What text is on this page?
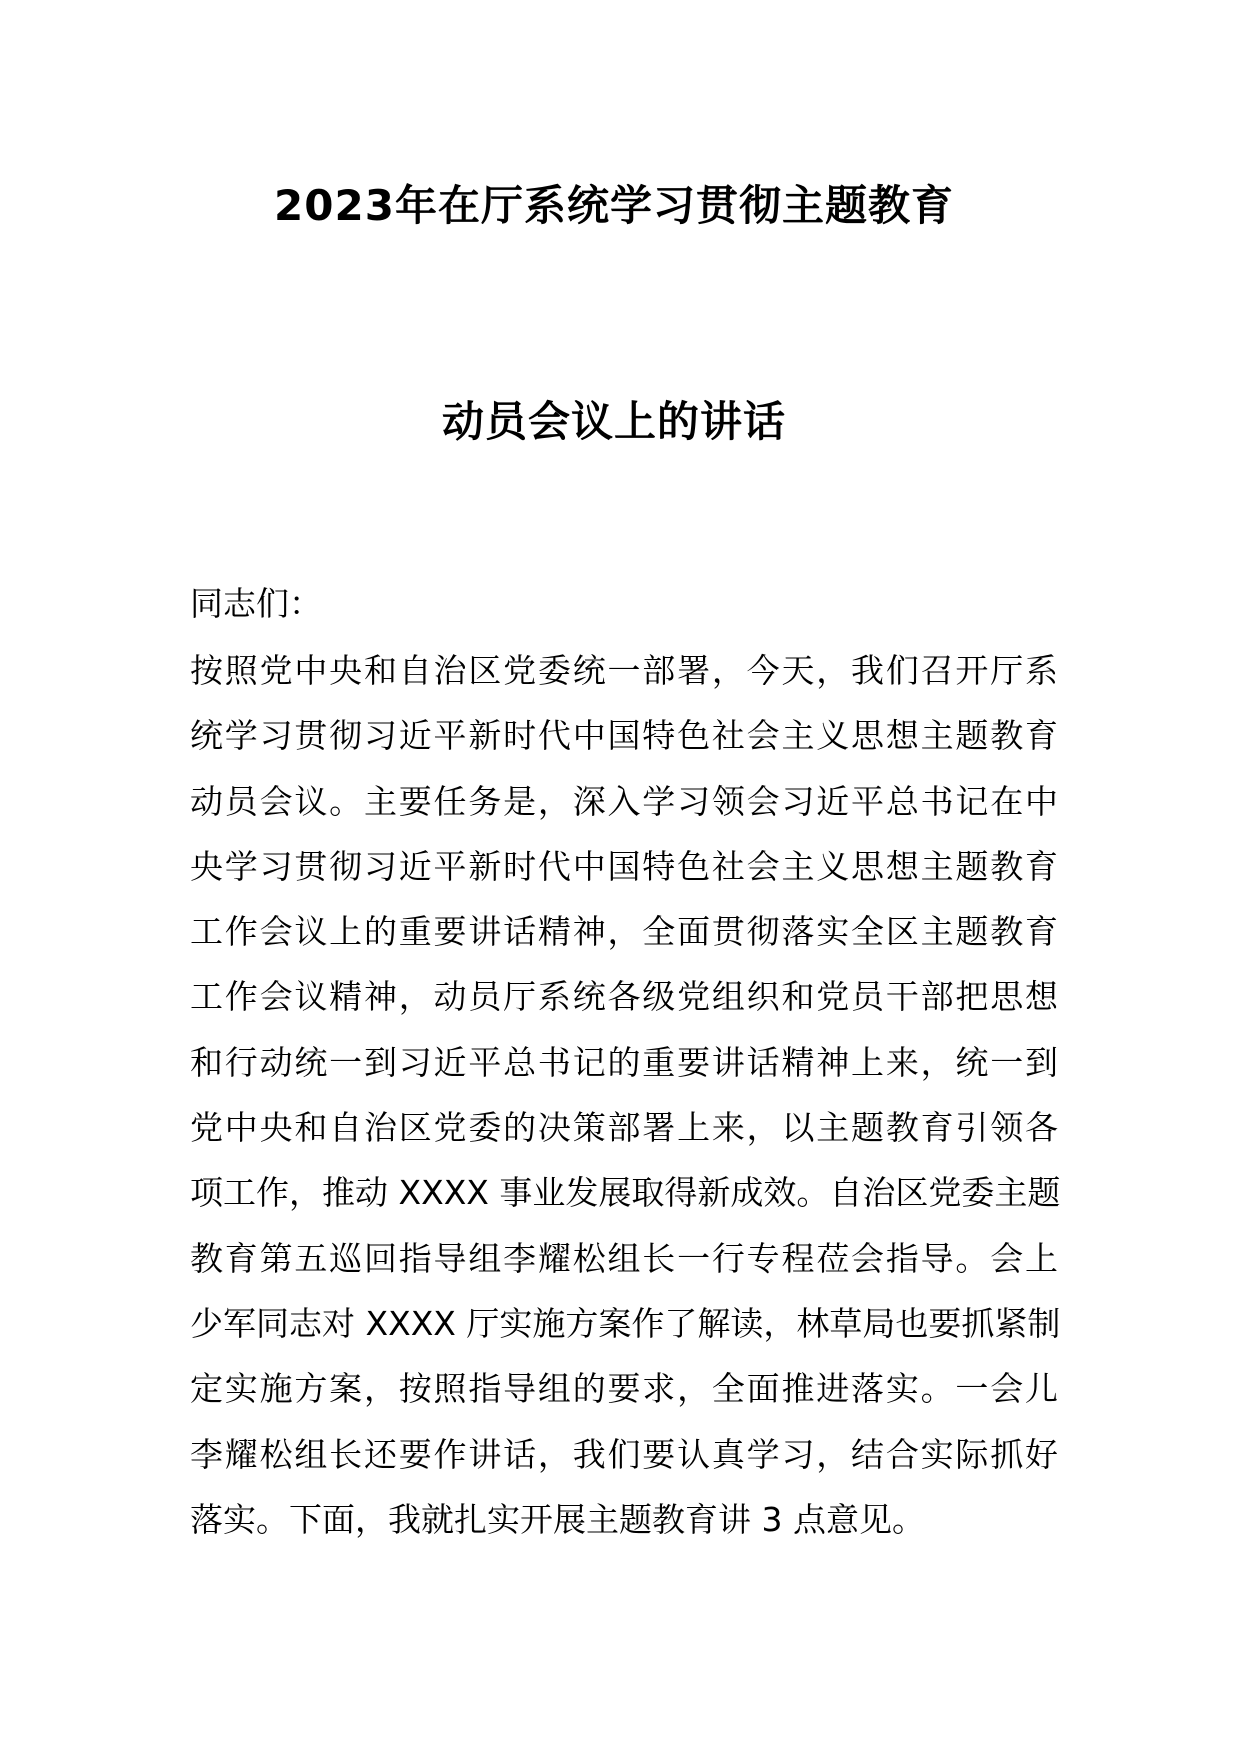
2023年在厅系统学习贯彻主题教育
动员会议上的讲话
同志们：
按照党中央和自治区党委统一部署，今天，我们召开厅系
统学习贯彻习近平新时代中国特色社会主义思想主题教育
动员会议。主要任务是，深入学习领会习近平总书记在中
央学习贯彻习近平新时代中国特色社会主义思想主题教育
工作会议上的重要讲话精神，全面贯彻落实全区主题教育
工作会议精神，动员厅系统各级党组织和党员干部把思想
和行动统一到习近平总书记的重要讲话精神上来，统一到
党中央和自治区党委的决策部署上来，以主题教育引领各
项工作，推动 XXXX 事业发展取得新成效。自治区党委主题
教育第五巡回指导组李耀松组长一行专程莅会指导。会上
少军同志对 XXXX 厅实施方案作了解读，林草局也要抓紧制
定实施方案，按照指导组的要求，全面推进落实。一会儿
李耀松组长还要作讲话，我们要认真学习，结合实际抓好
落实。下面，我就扎实开展主题教育讲 3 点意见。
